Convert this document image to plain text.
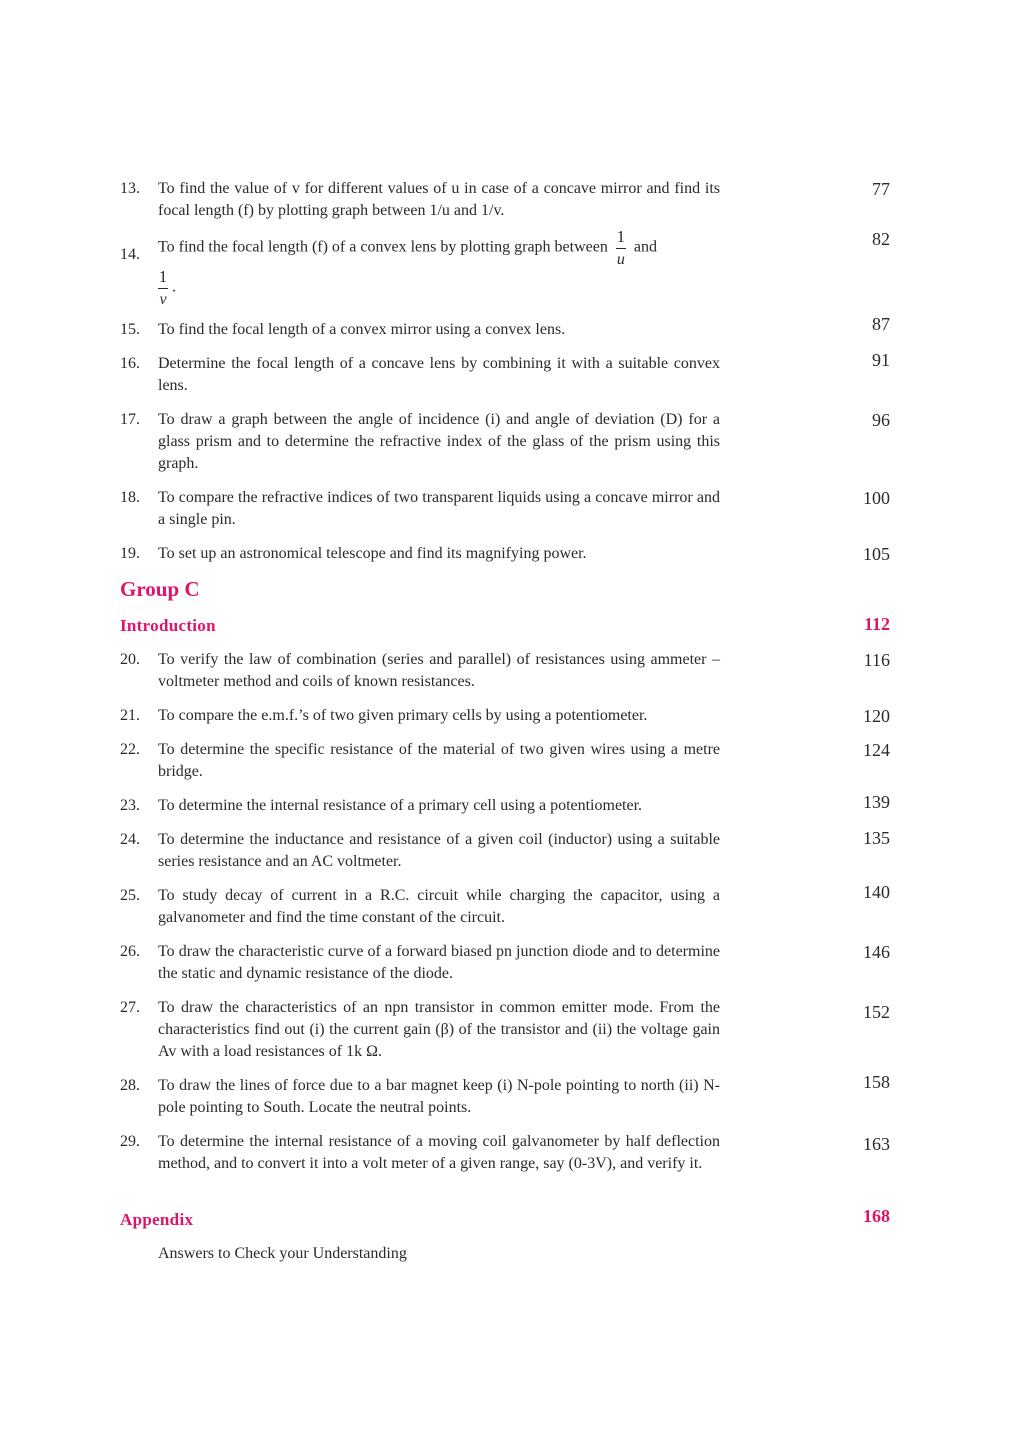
13.	To find the value of v for different values of u in case of a concave mirror and find its focal length (f) by plotting graph between 1/u and 1/v.
77
14.	To find the focal length (f) of a convex lens by plotting graph between $\frac{1}{u}$ and

$\frac{1}{v}$ .
82
15.	To find the focal length of a convex mirror using a convex lens.	87
16.	Determine the focal length of a concave lens by combining it with a suitable convex lens.
91
17.	To draw a graph between the angle of incidence (i) and angle of deviation (D) for a glass prism and to determine the refractive index of the glass of the prism using this graph.
96
18.	To compare the refractive indices of two transparent liquids using a concave mirror and a single pin.
100
19.	To set up an astronomical telescope and find its magnifying power.	105
Group C
Introduction	112
20.	To verify the law of combination (series and parallel) of resistances using ammeter – voltmeter method and coils of known resistances.
116
21.	To compare the e.m.f.’s of two given primary cells by using a potentiometer.	120
22.	To determine the specific resistance of the material of two given wires using a metre bridge.
124
23.	To determine the internal resistance of a primary cell using a potentiometer.	139
24.	To determine the inductance and resistance of a given coil (inductor) using a suitable series resistance and an AC voltmeter.
135
25.	To study decay of current in a R.C. circuit while charging the capacitor, using a galvanometer and find the time constant of the circuit.
140
26.	To draw the characteristic curve of a forward biased pn junction diode and to determine the static and dynamic resistance of the diode.
146
27.	To draw the characteristics of an npn transistor in common emitter mode. From the characteristics find out (i) the current gain (β) of the transistor and (ii) the voltage gain Av with a load resistances of 1k Ω.
152
28.	To draw the lines of force due to a bar magnet keep (i) N-pole pointing to north (ii) N-pole pointing to South. Locate the neutral points.
158
29.	To determine the internal resistance of a moving coil galvanometer by half deflection method, and to convert it into a volt meter of a given range, say (0-3V), and verify it.
163
Appendix	168
Answers to Check your Understanding
